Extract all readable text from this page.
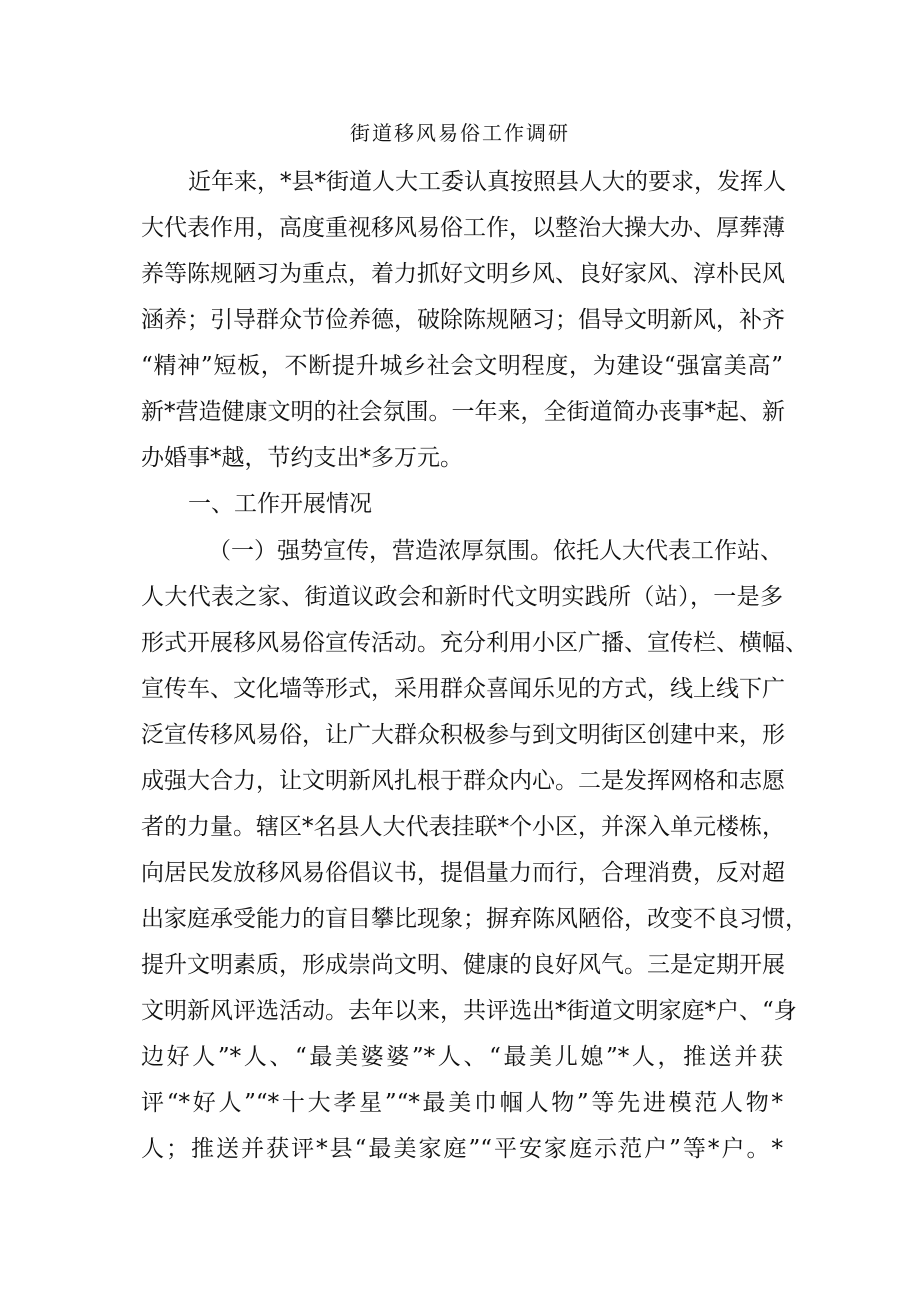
街道移风易俗工作调研
近年来，*县*街道人大工委认真按照县人大的要求，发挥人
大代表作用，高度重视移风易俗工作，以整治大操大办、厚葬薄
养等陈规陋习为重点，着力抓好文明乡风、良好家风、淳朴民风
涵养；引导群众节俭养德，破除陈规陋习；倡导文明新风，补齐
“精神”短板，不断提升城乡社会文明程度，为建设“强富美高”
新*营造健康文明的社会氛围。一年来，全街道简办丧事*起、新
办婚事*越，节约支出*多万元。
一、工作开展情况
（一）强势宣传，营造浓厚氛围。依托人大代表工作站、
人大代表之家、街道议政会和新时代文明实践所（站），一是多
形式开展移风易俗宣传活动。充分利用小区广播、宣传栏、横幅、
宣传车、文化墙等形式，采用群众喜闻乐见的方式，线上线下广
泛宣传移风易俗，让广大群众积极参与到文明街区创建中来，形
成强大合力，让文明新风扎根于群众内心。二是发挥网格和志愿
者的力量。辖区*名县人大代表挂联*个小区，并深入单元楼栋，
向居民发放移风易俗倡议书，提倡量力而行，合理消费，反对超
出家庭承受能力的盲目攀比现象；摒弃陈风陋俗，改变不良习惯，
提升文明素质，形成崇尚文明、健康的良好风气。三是定期开展
文明新风评选活动。去年以来，共评选出*街道文明家庭*户、“身
边好人”*人、“最美婆婆”*人、“最美儿媳”*人，推送并获
评“*好人”“*十大孝星”“*最美巾帼人物”等先进模范人物*
人；推送并获评*县“最美家庭”“平安家庭示范户”等*户。*
